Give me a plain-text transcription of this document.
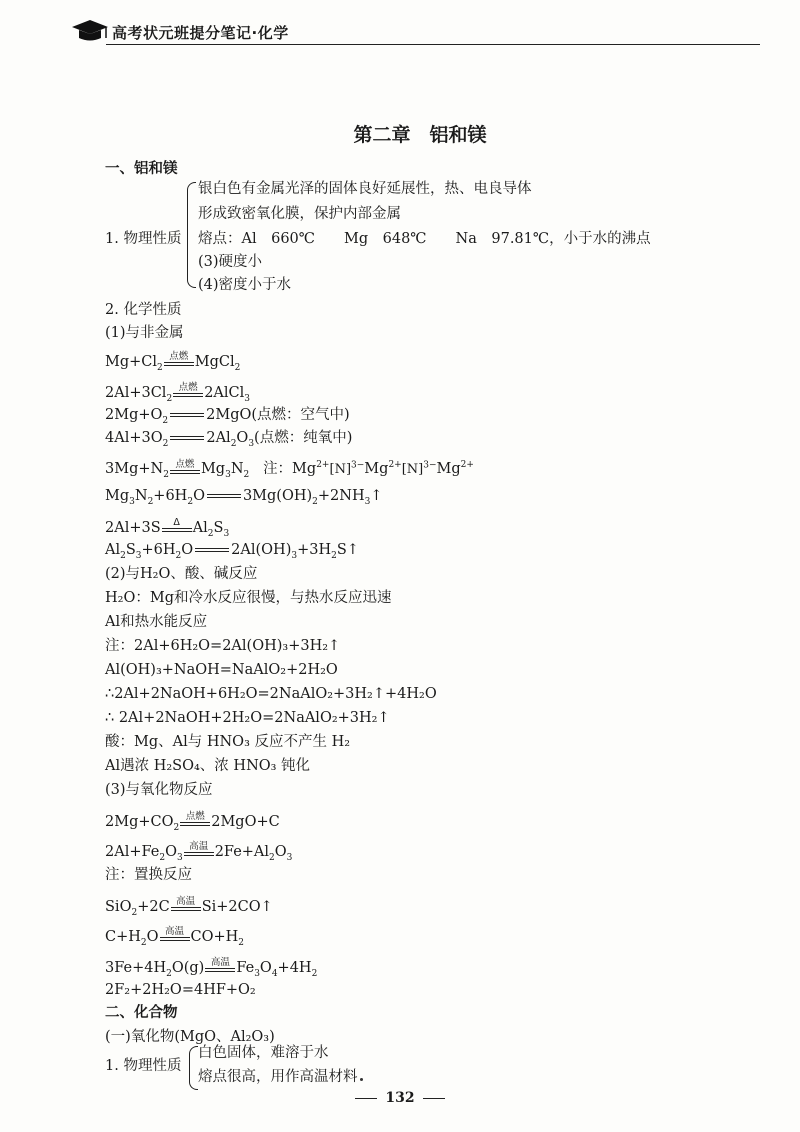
高考状元班提分笔记·化学
第二章　铝和镁
一、铝和镁
1. 物理性质
银白色有金属光泽的固体良好延展性，热、电良导体
形成致密氧化膜，保护内部金属
熔点：Al　660℃　　Mg　648℃　　Na　97.81℃，小于水的沸点
(3)硬度小
(4)密度小于水
2. 化学性质
(1)与非金属
$Mg+Cl_2$
点燃 MgCl$_2$
$2Al+3Cl_2$
点燃 2AlCl$_3$
$2Mg+O_2$	2MgO(点燃：空气中)
$4Al+3O_2$	$2Al_2O_3$(点燃：纯氧中)
$3Mg+N_2$
点燃 $Mg_3N_2$ 注：$Mg^{2+}[N]^{3-}Mg^{2+}[N]^{3-}Mg^{2+}$
$Mg_3N_2+6H_2O$	$3Mg(OH)_2+2NH_3↑$
2Al+3S	Δ $Al_2S_3$
$Al_2S_3+6H_2O$	$2Al(OH)_3+3H_2S↑$
(2)与H₂O、酸、碱反应
H₂O：Mg和冷水反应很慢，与热水反应迅速
Al和热水能反应
注：2Al+6H₂O=2Al(OH)₃+3H₂↑
Al(OH)₃+NaOH=NaAlO₂+2H₂O
∴2Al+2NaOH+6H₂O=2NaAlO₂+3H₂↑+4H₂O
∴ 2Al+2NaOH+2H₂O=2NaAlO₂+3H₂↑
酸：Mg、Al与 HNO₃ 反应不产生 H₂
Al遇浓 H₂SO₄、浓 HNO₃ 钝化
(3)与氧化物反应
$2Mg+CO_2$
点燃 2MgO+C
$2Al+Fe_2O_3$
高温 $2Fe+Al_2O_3$
注：置换反应
SiO$_2$+2C 高温 Si+2CO↑
$C+H_2O$ 高温 $CO+H_2$
$3Fe+4H_2O(g)$ 高温 $Fe_3O_4+4H_2$
2F₂+2H₂O=4HF+O₂
二、化合物
(一)氧化物(MgO、Al₂O₃)
1. 物理性质
白色固体，难溶于水
熔点很高，用作高温材料
132
